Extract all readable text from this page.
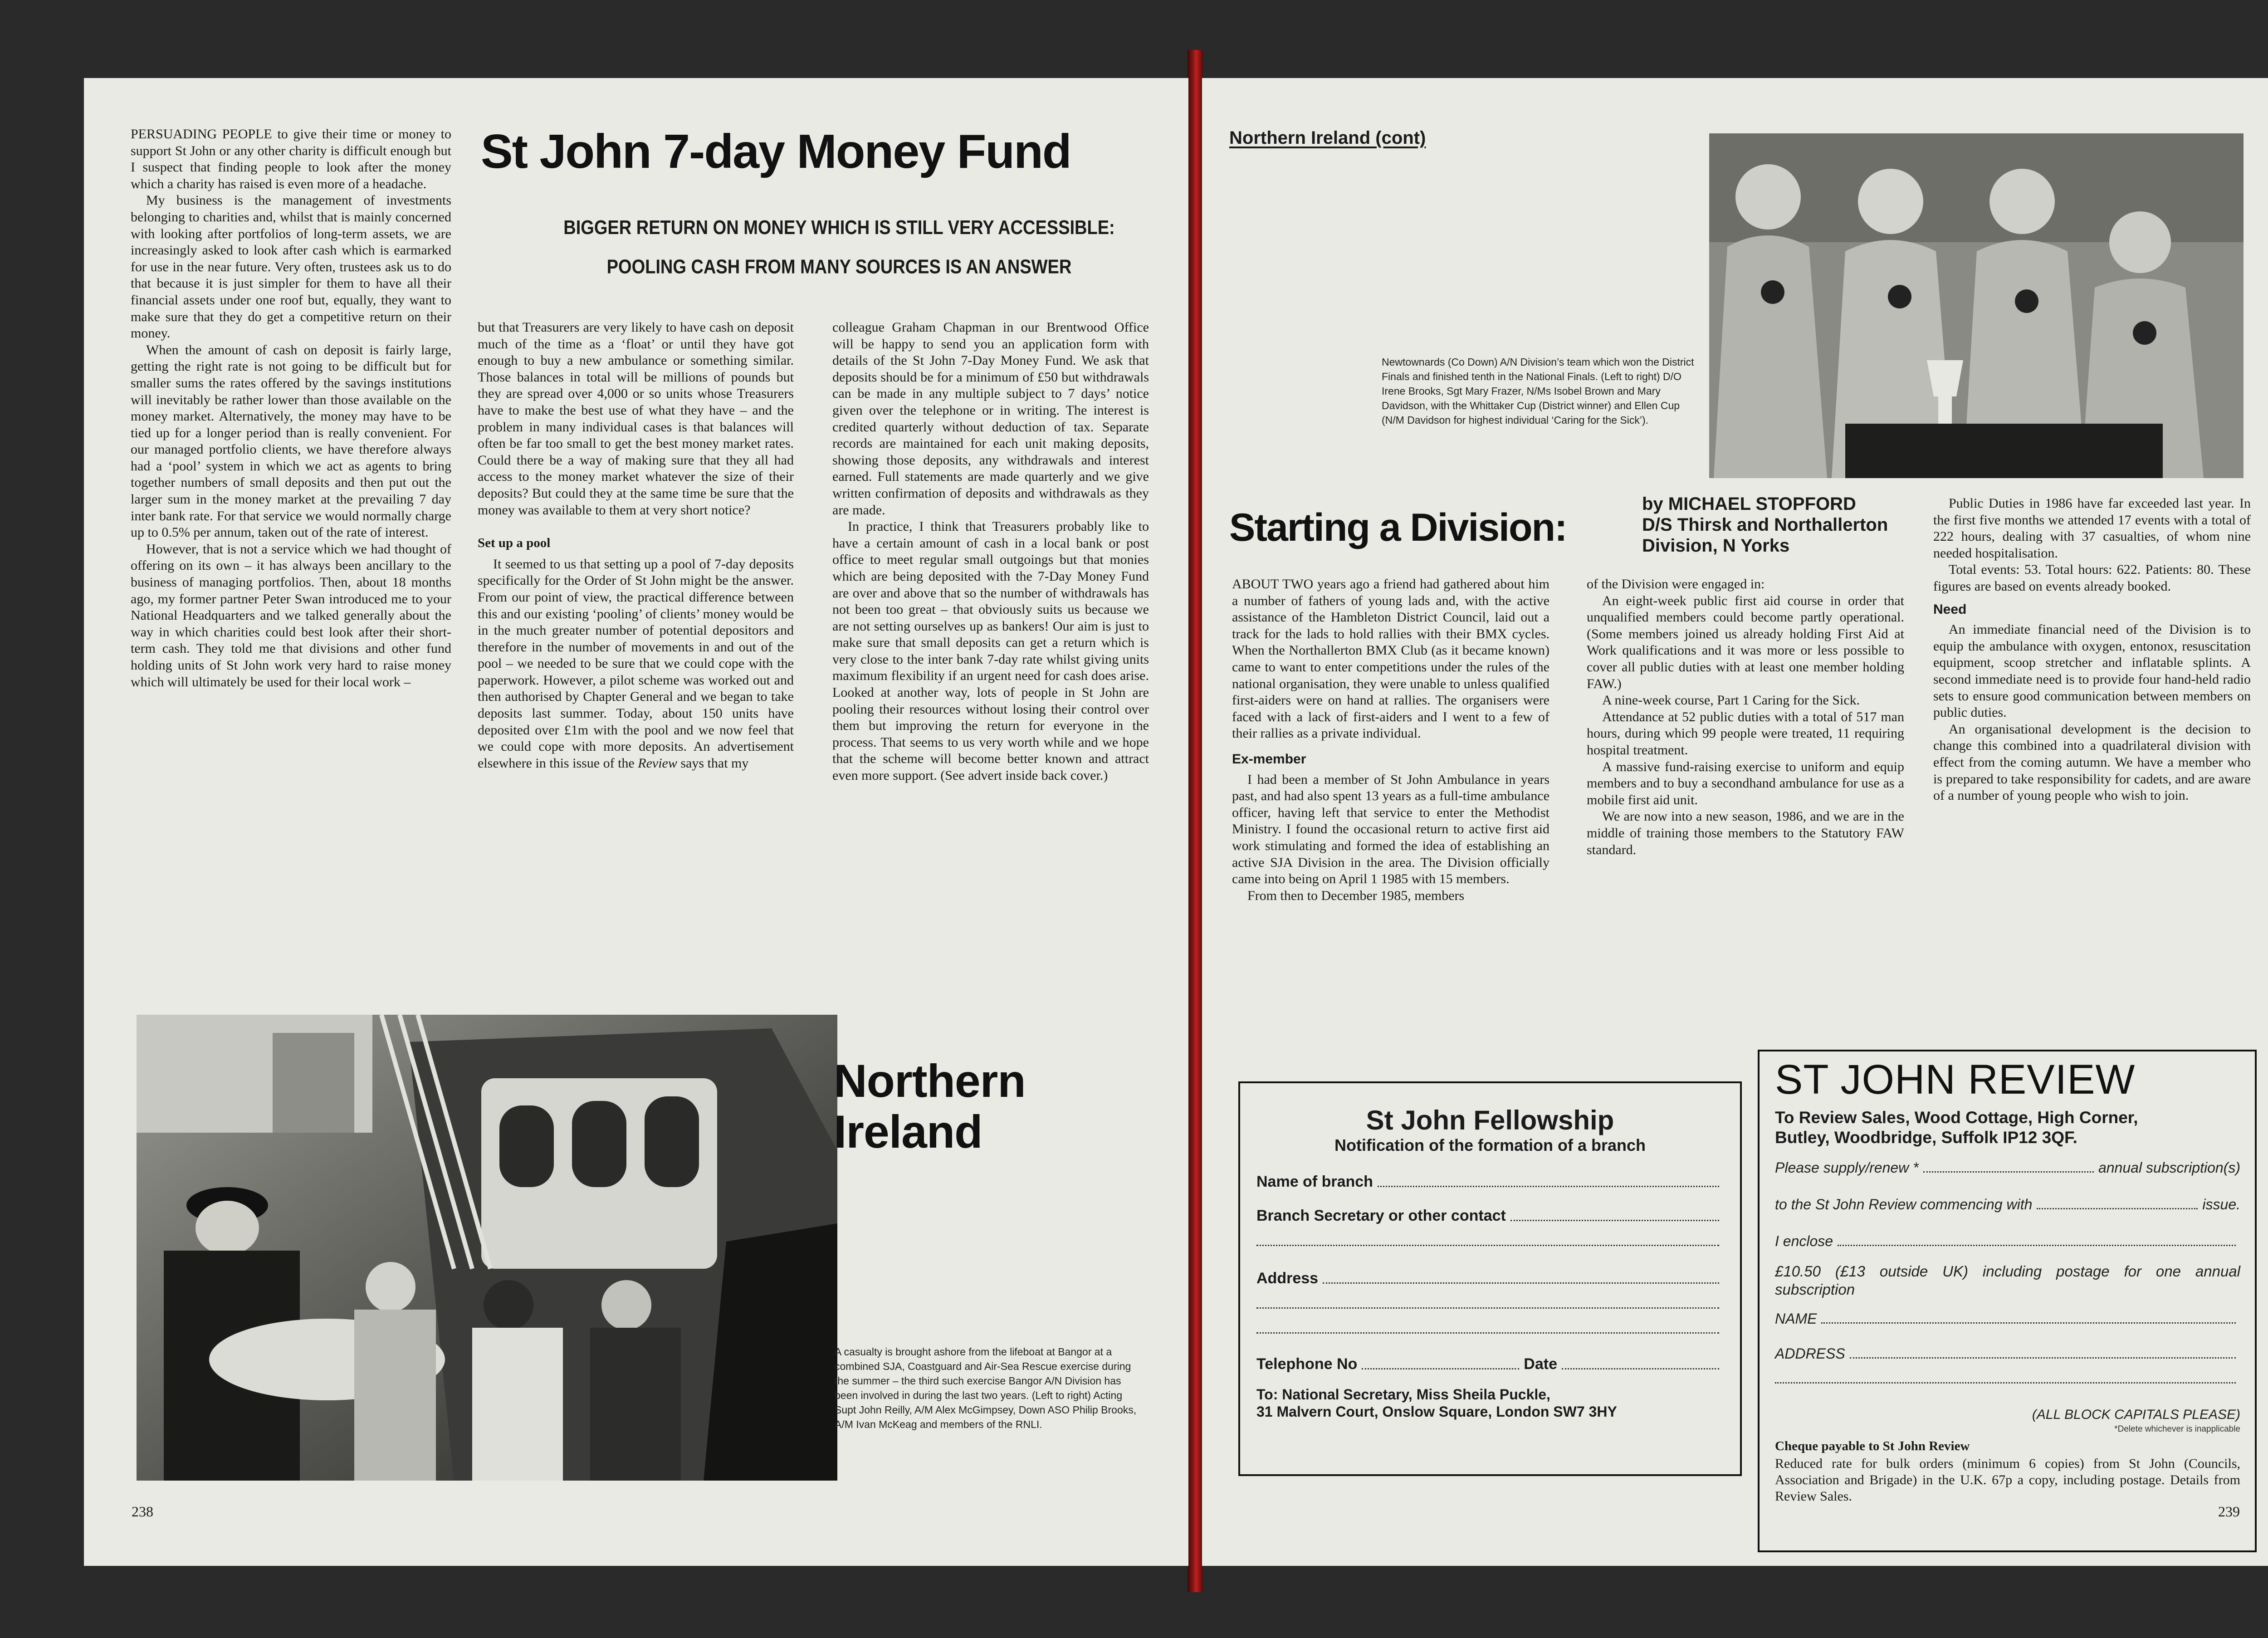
PERSUADING PEOPLE to give their time or money to support St John or any other charity is difficult enough but I suspect that finding people to look after the money which a charity has raised is even more of a headache.

My business is the management of investments belonging to charities and, whilst that is mainly concerned with looking after portfolios of long-term assets, we are increasingly asked to look after cash which is earmarked for use in the near future. Very often, trustees ask us to do that because it is just simpler for them to have all their financial assets under one roof but, equally, they want to make sure that they do get a competitive return on their money.

When the amount of cash on deposit is fairly large, getting the right rate is not going to be difficult but for smaller sums the rates offered by the savings institutions will inevitably be rather lower than those available on the money market. Alternatively, the money may have to be tied up for a longer period than is really convenient. For our managed portfolio clients, we have therefore always had a ‘pool’ system in which we act as agents to bring together numbers of small deposits and then put out the larger sum in the money market at the prevailing 7 day inter bank rate. For that service we would normally charge up to 0.5% per annum, taken out of the rate of interest.

However, that is not a service which we had thought of offering on its own – it has always been ancillary to the business of managing portfolios. Then, about 18 months ago, my former partner Peter Swan introduced me to your National Headquarters and we talked generally about the way in which charities could best look after their short-term cash. They told me that divisions and other fund holding units of St John work very hard to raise money which will ultimately be used for their local work –

St John 7-day Money Fund
BIGGER RETURN ON MONEY WHICH IS STILL VERY ACCESSIBLE:
POOLING CASH FROM MANY SOURCES IS AN ANSWER

but that Treasurers are very likely to have cash on deposit much of the time as a ‘float’ or until they have got enough to buy a new ambulance or something similar. Those balances in total will be millions of pounds but they are spread over 4,000 or so units whose Treasurers have to make the best use of what they have – and the problem in many individual cases is that balances will often be far too small to get the best money market rates. Could there be a way of making sure that they all had access to the money market whatever the size of their deposits? But could they at the same time be sure that the money was available to them at very short notice?

Set up a pool

It seemed to us that setting up a pool of 7-day deposits specifically for the Order of St John might be the answer. From our point of view, the practical difference between this and our existing ‘pooling’ of clients’ money would be in the much greater number of potential depositors and therefore in the number of movements in and out of the pool – we needed to be sure that we could cope with the paperwork. However, a pilot scheme was worked out and then authorised by Chapter General and we began to take deposits last summer. Today, about 150 units have deposited over £1m with the pool and we now feel that we could cope with more deposits. An advertisement elsewhere in this issue of the Review says that my

colleague Graham Chapman in our Brentwood Office will be happy to send you an application form with details of the St John 7-Day Money Fund. We ask that deposits should be for a minimum of £50 but withdrawals can be made in any multiple subject to 7 days’ notice given over the telephone or in writing. The interest is credited quarterly without deduction of tax. Separate records are maintained for each unit making deposits, showing those deposits, any withdrawals and interest earned. Full statements are made quarterly and we give written confirmation of deposits and withdrawals as they are made.

In practice, I think that Treasurers probably like to have a certain amount of cash in a local bank or post office to meet regular small outgoings but that monies which are being deposited with the 7-Day Money Fund are over and above that so the number of withdrawals has not been too great – that obviously suits us because we are not setting ourselves up as bankers! Our aim is just to make sure that small deposits can get a return which is very close to the inter bank 7-day rate whilst giving units maximum flexibility if an urgent need for cash does arise. Looked at another way, lots of people in St John are pooling their resources without losing their control over them but improving the return for everyone in the process. That seems to us very worth while and we hope that the scheme will become better known and attract even more support. (See advert inside back cover.)

Northern
Ireland
A casualty is brought ashore from the lifeboat at Bangor at a combined SJA, Coastguard and Air-Sea Rescue exercise during the summer – the third such exercise Bangor A/N Division has been involved in during the last two years. (Left to right) Acting Supt John Reilly, A/M Alex McGimpsey, Down ASO Philip Brooks, A/M Ivan McKeag and members of the RNLI.
238
Northern Ireland (cont)
Newtownards (Co Down) A/N Division’s team which won the District Finals and finished tenth in the National Finals. (Left to right) D/O Irene Brooks, Sgt Mary Frazer, N/Ms Isobel Brown and Mary Davidson, with the Whittaker Cup (District winner) and Ellen Cup (N/M Davidson for highest individual ‘Caring for the Sick’).
Starting a Division:
by MICHAEL STOPFORD
D/S Thirsk and Northallerton
Division, N Yorks

ABOUT TWO years ago a friend had gathered about him a number of fathers of young lads and, with the active assistance of the Hambleton District Council, laid out a track for the lads to hold rallies with their BMX cycles. When the Northallerton BMX Club (as it became known) came to want to enter competitions under the rules of the national organisation, they were unable to unless qualified first-aiders were on hand at rallies. The organisers were faced with a lack of first-aiders and I went to a few of their rallies as a private individual.

Ex-member

I had been a member of St John Ambulance in years past, and had also spent 13 years as a full-time ambulance officer, having left that service to enter the Methodist Ministry. I found the occasional return to active first aid work stimulating and formed the idea of establishing an active SJA Division in the area. The Division officially came into being on April 1 1985 with 15 members.

From then to December 1985, members

of the Division were engaged in:

An eight-week public first aid course in order that unqualified members could become partly operational. (Some members joined us already holding First Aid at Work qualifications and it was more or less possible to cover all public duties with at least one member holding FAW.)

A nine-week course, Part 1 Caring for the Sick.

Attendance at 52 public duties with a total of 517 man hours, during which 99 people were treated, 11 requiring hospital treatment.

A massive fund-raising exercise to uniform and equip members and to buy a secondhand ambulance for use as a mobile first aid unit.

We are now into a new season, 1986, and we are in the middle of training those members to the Statutory FAW standard.

Public Duties in 1986 have far exceeded last year. In the first five months we attended 17 events with a total of 222 hours, dealing with 37 casualties, of whom nine needed hospitalisation.

Total events: 53. Total hours: 622. Patients: 80. These figures are based on events already booked.

Need

An immediate financial need of the Division is to equip the ambulance with oxygen, entonox, resuscitation equipment, scoop stretcher and inflatable splints. A second immediate need is to provide four hand-held radio sets to ensure good communication between members on public duties.

An organisational development is the decision to change this combined into a quadrilateral division with effect from the coming autumn. We have a member who is prepared to take responsibility for cadets, and are aware of a number of young people who wish to join.

St John Fellowship
Notification of the formation of a branch
Name of branch
Branch Secretary or other contact
Address
Telephone No	Date
To: National Secretary, Miss Sheila Puckle,
31 Malvern Court, Onslow Square, London SW7 3HY
ST JOHN REVIEW
To Review Sales, Wood Cottage, High Corner,
Butley, Woodbridge, Suffolk IP12 3QF.
Please supply/renew *	annual subscription(s)
to the St John Review commencing with	issue.
I enclose
£10.50 (£13 outside UK) including postage for one annual subscription
NAME
ADDRESS
(ALL BLOCK CAPITALS PLEASE)
*Delete whichever is inapplicable
Cheque payable to St John Review
Reduced rate for bulk orders (minimum 6 copies) from St John (Councils, Association and Brigade) in the U.K. 67p a copy, including postage. Details from Review Sales.
239
